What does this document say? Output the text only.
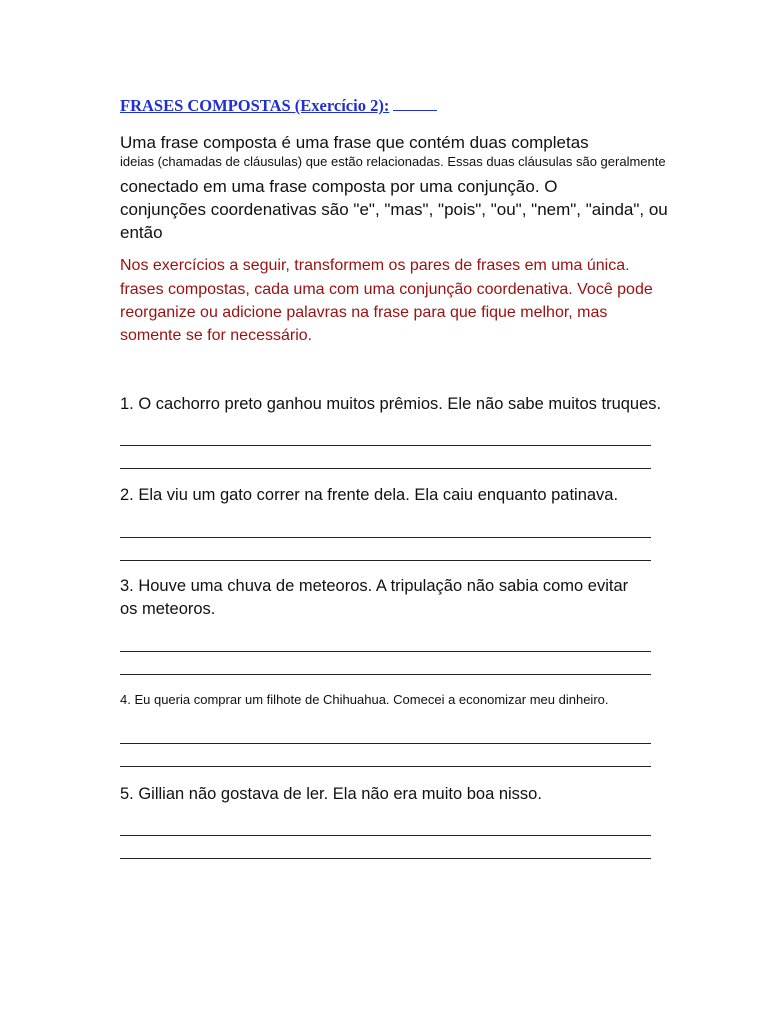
FRASES COMPOSTAS (Exercício 2):
Uma frase composta é uma frase que contém duas completas
ideias (chamadas de cláusulas) que estão relacionadas. Essas duas cláusulas são geralmente
conectado em uma frase composta por uma conjunção. O
conjunções coordenativas são "e", "mas", "pois", "ou", "nem", "ainda", ou
então
Nos exercícios a seguir, transformem os pares de frases em uma única.
frases compostas, cada uma com uma conjunção coordenativa. Você pode
reorganize ou adicione palavras na frase para que fique melhor, mas
somente se for necessário.
1. O cachorro preto ganhou muitos prêmios. Ele não sabe muitos truques.
2. Ela viu um gato correr na frente dela. Ela caiu enquanto patinava.
3. Houve uma chuva de meteoros. A tripulação não sabia como evitar
os meteoros.
4. Eu queria comprar um filhote de Chihuahua. Comecei a economizar meu dinheiro.
5. Gillian não gostava de ler. Ela não era muito boa nisso.
